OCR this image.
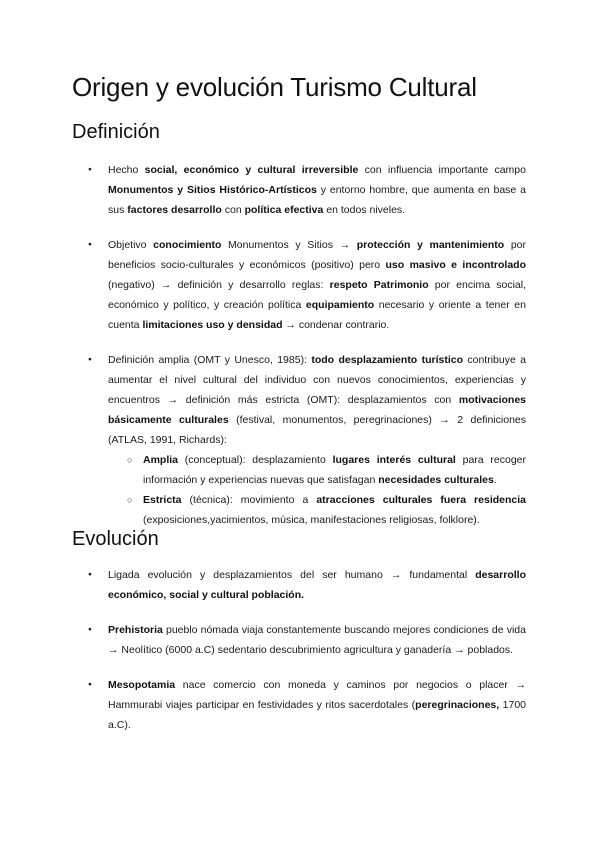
Origen y evolución Turismo Cultural
Definición
● Hecho social, económico y cultural irreversible con influencia importante campo Monumentos y Sitios Histórico-Artísticos y entorno hombre, que aumenta en base a sus factores desarrollo con política efectiva en todos niveles.
● Objetivo conocimiento Monumentos y Sitios → protección y mantenimiento por beneficios socio-culturales y económicos (positivo) pero uso masivo e incontrolado (negativo) → definición y desarrollo reglas: respeto Patrimonio por encima social, económico y político, y creación política equipamiento necesario y oriente a tener en cuenta limitaciones uso y densidad → condenar contrario.
● Definición amplia (OMT y Unesco, 1985): todo desplazamiento turístico contribuye a aumentar el nivel cultural del individuo con nuevos conocimientos, experiencias y encuentros → definición más estricta (OMT): desplazamientos con motivaciones básicamente culturales (festival, monumentos, peregrinaciones) → 2 definiciones (ATLAS, 1991, Richards):
○ Amplia (conceptual): desplazamiento lugares interés cultural para recoger información y experiencias nuevas que satisfagan necesidades culturales.
○ Estricta (técnica): movimiento a atracciones culturales fuera residencia (exposiciones,yacimientos, música, manifestaciones religiosas, folklore).
Evolución
● Ligada evolución y desplazamientos del ser humano → fundamental desarrollo económico, social y cultural población.
● Prehistoria pueblo nómada viaja constantemente buscando mejores condiciones de vida → Neolítico (6000 a.C) sedentario descubrimiento agricultura y ganadería → poblados.
● Mesopotamia nace comercio con moneda y caminos por negocios o placer → Hammurabi viajes participar en festividades y ritos sacerdotales (peregrinaciones, 1700 a.C).
